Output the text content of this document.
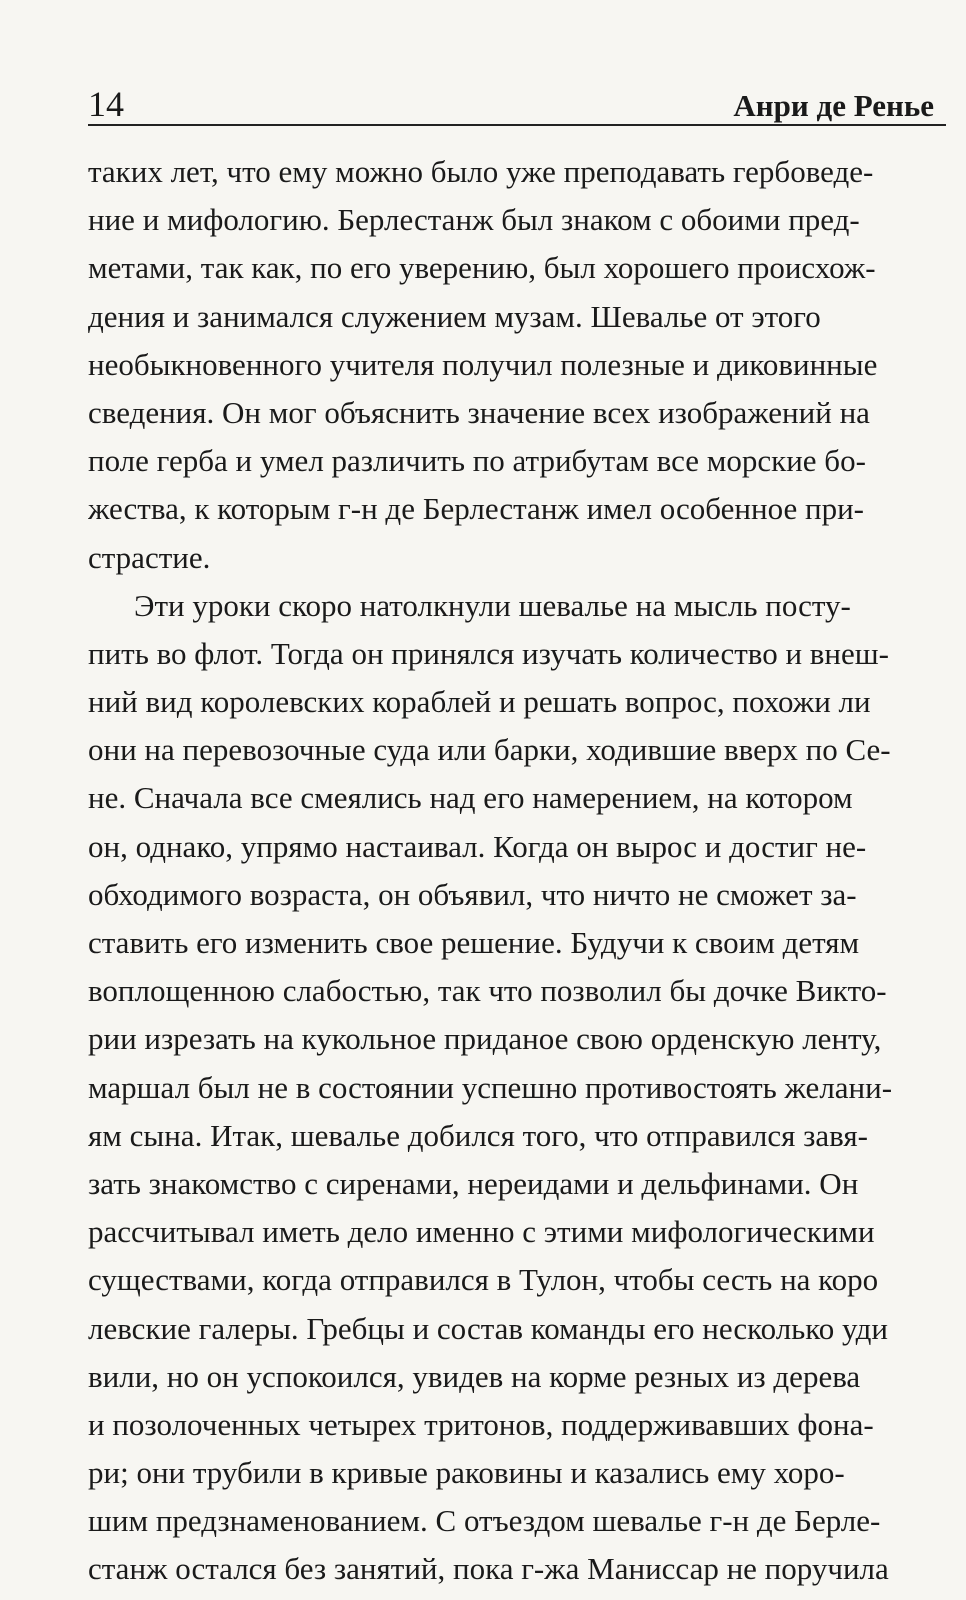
14	Анри де Ренье
таких лет, что ему можно было уже преподавать гербоведе-
ние и мифологию. Берлестанж был знаком с обоими пред-
метами, так как, по его уверению, был хорошего происхож-
дения и занимался служением музам. Шевалье от этого
необыкновенного учителя получил полезные и диковинные
сведения. Он мог объяснить значение всех изображений на
поле герба и умел различить по атрибутам все морские бо-
жества, к которым г-н де Берлестанж имел особенное при-
страстие.
Эти уроки скоро натолкнули шевалье на мысль посту-
пить во флот. Тогда он принялся изучать количество и внеш-
ний вид королевских кораблей и решать вопрос, похожи ли
они на перевозочные суда или барки, ходившие вверх по Се-
не. Сначала все смеялись над его намерением, на котором
он, однако, упрямо настаивал. Когда он вырос и достиг не-
обходимого возраста, он объявил, что ничто не сможет за-
ставить его изменить свое решение. Будучи к своим детям
воплощенною слабостью, так что позволил бы дочке Викто-
рии изрезать на кукольное приданое свою орденскую ленту,
маршал был не в состоянии успешно противостоять желани-
ям сына. Итак, шевалье добился того, что отправился завя-
зать знакомство с сиренами, нереидами и дельфинами. Он
рассчитывал иметь дело именно с этими мифологическими
существами, когда отправился в Тулон, чтобы сесть на коро
левские галеры. Гребцы и состав команды его несколько уди
вили, но он успокоился, увидев на корме резных из дерева
и позолоченных четырех тритонов, поддерживавших фона-
ри; они трубили в кривые раковины и казались ему хоро-
шим предзнаменованием. С отъездом шевалье г-н де Берле-
станж остался без занятий, пока г-жа Маниссар не поручила
